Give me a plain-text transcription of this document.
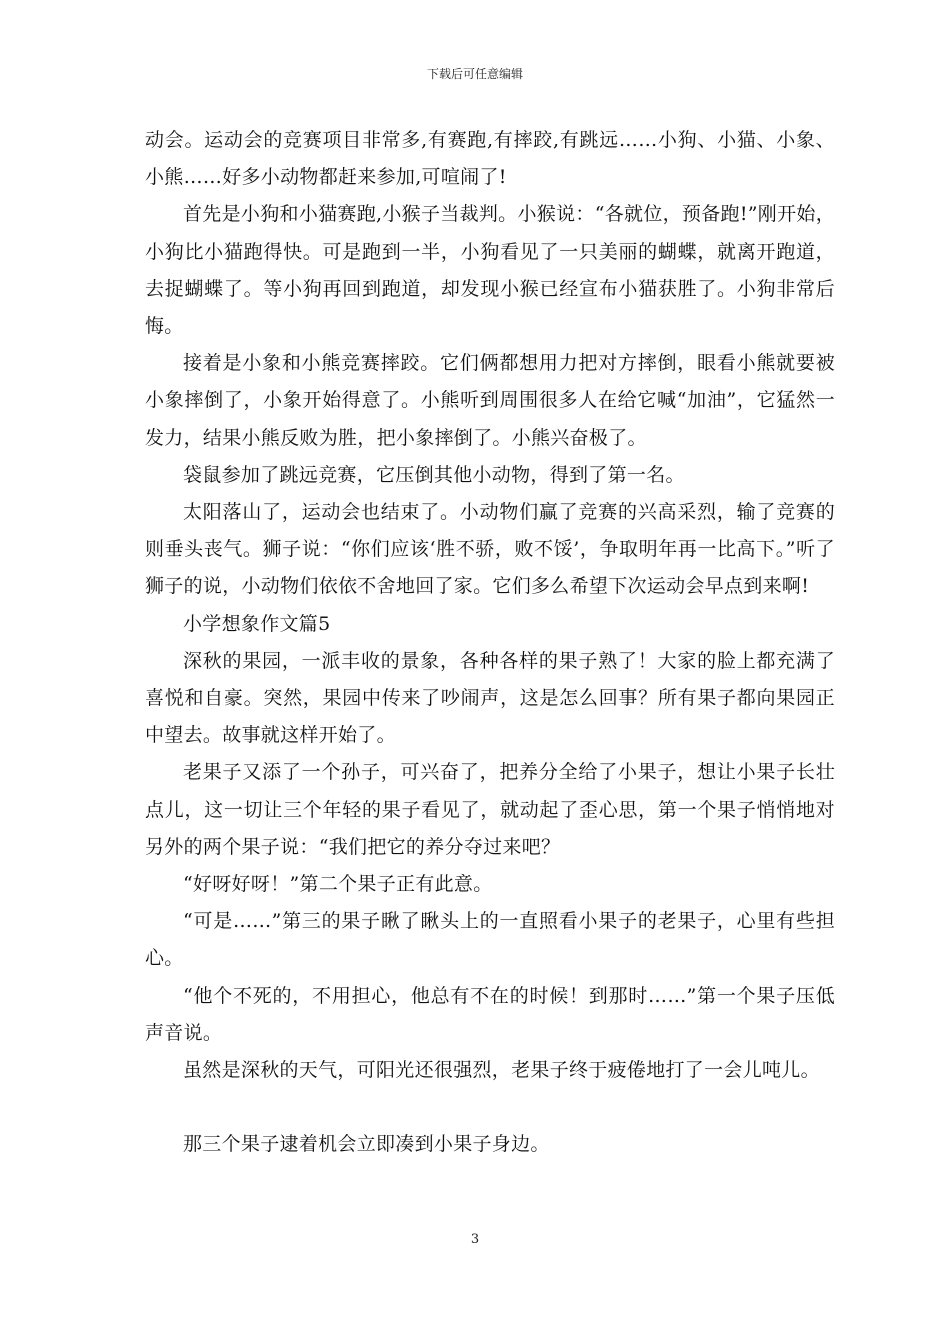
下载后可任意编辑

动会。运动会的竞赛项目非常多,有赛跑,有摔跤,有跳远……小狗、小猫、小象、小熊……好多小动物都赶来参加,可喧闹了!

首先是小狗和小猫赛跑,小猴子当裁判。小猴说：“各就位，预备跑!”刚开始，小狗比小猫跑得快。可是跑到一半，小狗看见了一只美丽的蝴蝶，就离开跑道，去捉蝴蝶了。等小狗再回到跑道，却发现小猴已经宣布小猫获胜了。小狗非常后悔。

接着是小象和小熊竞赛摔跤。它们俩都想用力把对方摔倒，眼看小熊就要被小象摔倒了，小象开始得意了。小熊听到周围很多人在给它喊“加油”，它猛然一发力，结果小熊反败为胜，把小象摔倒了。小熊兴奋极了。

袋鼠参加了跳远竞赛，它压倒其他小动物，得到了第一名。

太阳落山了，运动会也结束了。小动物们赢了竞赛的兴高采烈，输了竞赛的则垂头丧气。狮子说：“你们应该‘胜不骄，败不馁’，争取明年再一比高下。”听了狮子的说，小动物们依依不舍地回了家。它们多么希望下次运动会早点到来啊!

小学想象作文篇5

深秋的果园，一派丰收的景象，各种各样的果子熟了！大家的脸上都充满了喜悦和自豪。突然，果园中传来了吵闹声，这是怎么回事？所有果子都向果园正中望去。故事就这样开始了。

老果子又添了一个孙子，可兴奋了，把养分全给了小果子，想让小果子长壮点儿，这一切让三个年轻的果子看见了，就动起了歪心思，第一个果子悄悄地对另外的两个果子说：“我们把它的养分夺过来吧？

“好呀好呀！”第二个果子正有此意。

“可是……”第三的果子瞅了瞅头上的一直照看小果子的老果子，心里有些担心。

“他个不死的，不用担心，他总有不在的时候！到那时……”第一个果子压低声音说。

虽然是深秋的天气，可阳光还很强烈，老果子终于疲倦地打了一会儿吨儿。

那三个果子逮着机会立即凑到小果子身边。

3
